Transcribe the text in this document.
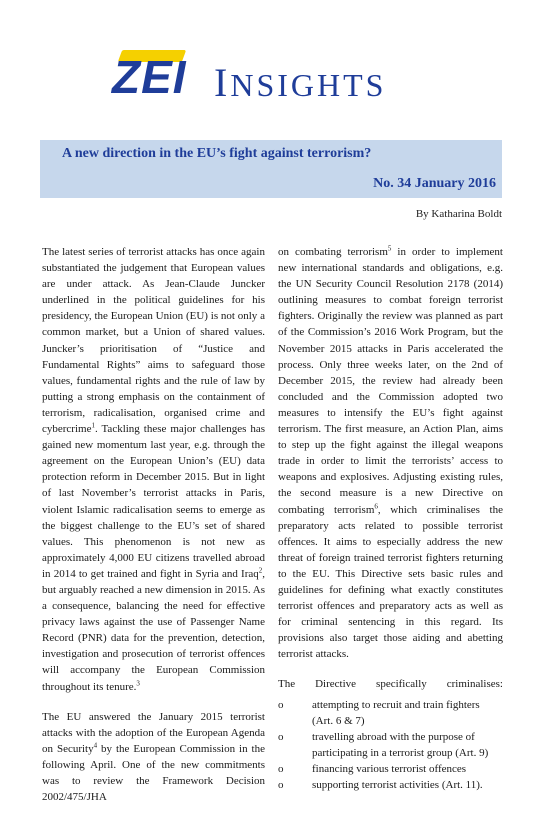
ZEI INSIGHTS
A new direction in the EU’s fight against terrorism?
No. 34 January 2016
By Katharina Boldt

The latest series of terrorist attacks has once again substantiated the judgement that European values are under attack. As Jean-Claude Juncker underlined in the political guidelines for his presidency, the European Union (EU) is not only a common market, but a Union of shared values. Juncker’s prioritisation of “Justice and Fundamental Rights” aims to safeguard those values, fundamental rights and the rule of law by putting a strong emphasis on the containment of terrorism, radicalisation, organised crime and cybercrime$^1$. Tackling these major challenges has gained new momentum last year, e.g. through the agreement on the European Union’s (EU) data protection reform in December 2015. But in light of last November’s terrorist attacks in Paris, violent Islamic radicalisation seems to emerge as the biggest challenge to the EU’s set of shared values. This phenomenon is not new as approximately 4,000 EU citizens travelled abroad in 2014 to get trained and fight in Syria and Iraq$^2$, but arguably reached a new dimension in 2015. As a consequence, balancing the need for effective privacy laws against the use of Passenger Name Record (PNR) data for the prevention, detection, investigation and prosecution of terrorist offences will accompany the European Commission throughout its tenure.$^3$

The EU answered the January 2015 terrorist attacks with the adoption of the European Agenda on Security$^4$ by the European Commission in the following April. One of the new commitments was to review the Framework Decision 2002/475/JHA

on combating terrorism$^5$ in order to implement new international standards and obligations, e.g. the UN Security Council Resolution 2178 (2014) outlining measures to combat foreign terrorist fighters. Originally the review was planned as part of the Commission’s 2016 Work Program, but the November 2015 attacks in Paris accelerated the process. Only three weeks later, on the 2nd of December 2015, the review had already been concluded and the Commission adopted two measures to intensify the EU’s fight against terrorism. The first measure, an Action Plan, aims to step up the fight against the illegal weapons trade in order to limit the terrorists’ access to weapons and explosives. Adjusting existing rules, the second measure is a new Directive on combating terrorism$^6$, which criminalises the preparatory acts related to possible terrorist offences. It aims to especially address the new threat of foreign trained terrorist fighters returning to the EU. This Directive sets basic rules and guidelines for defining what exactly constitutes terrorist offences and preparatory acts as well as for criminal sentencing in this regard. Its provisions also target those aiding and abetting terrorist attacks.

The Directive specifically criminalises:
o	attempting to recruit and train fighters (Art. 6 & 7)
o	travelling abroad with the purpose of participating in a terrorist group (Art. 9)
o	financing various terrorist offences
o	supporting terrorist activities (Art. 11).
